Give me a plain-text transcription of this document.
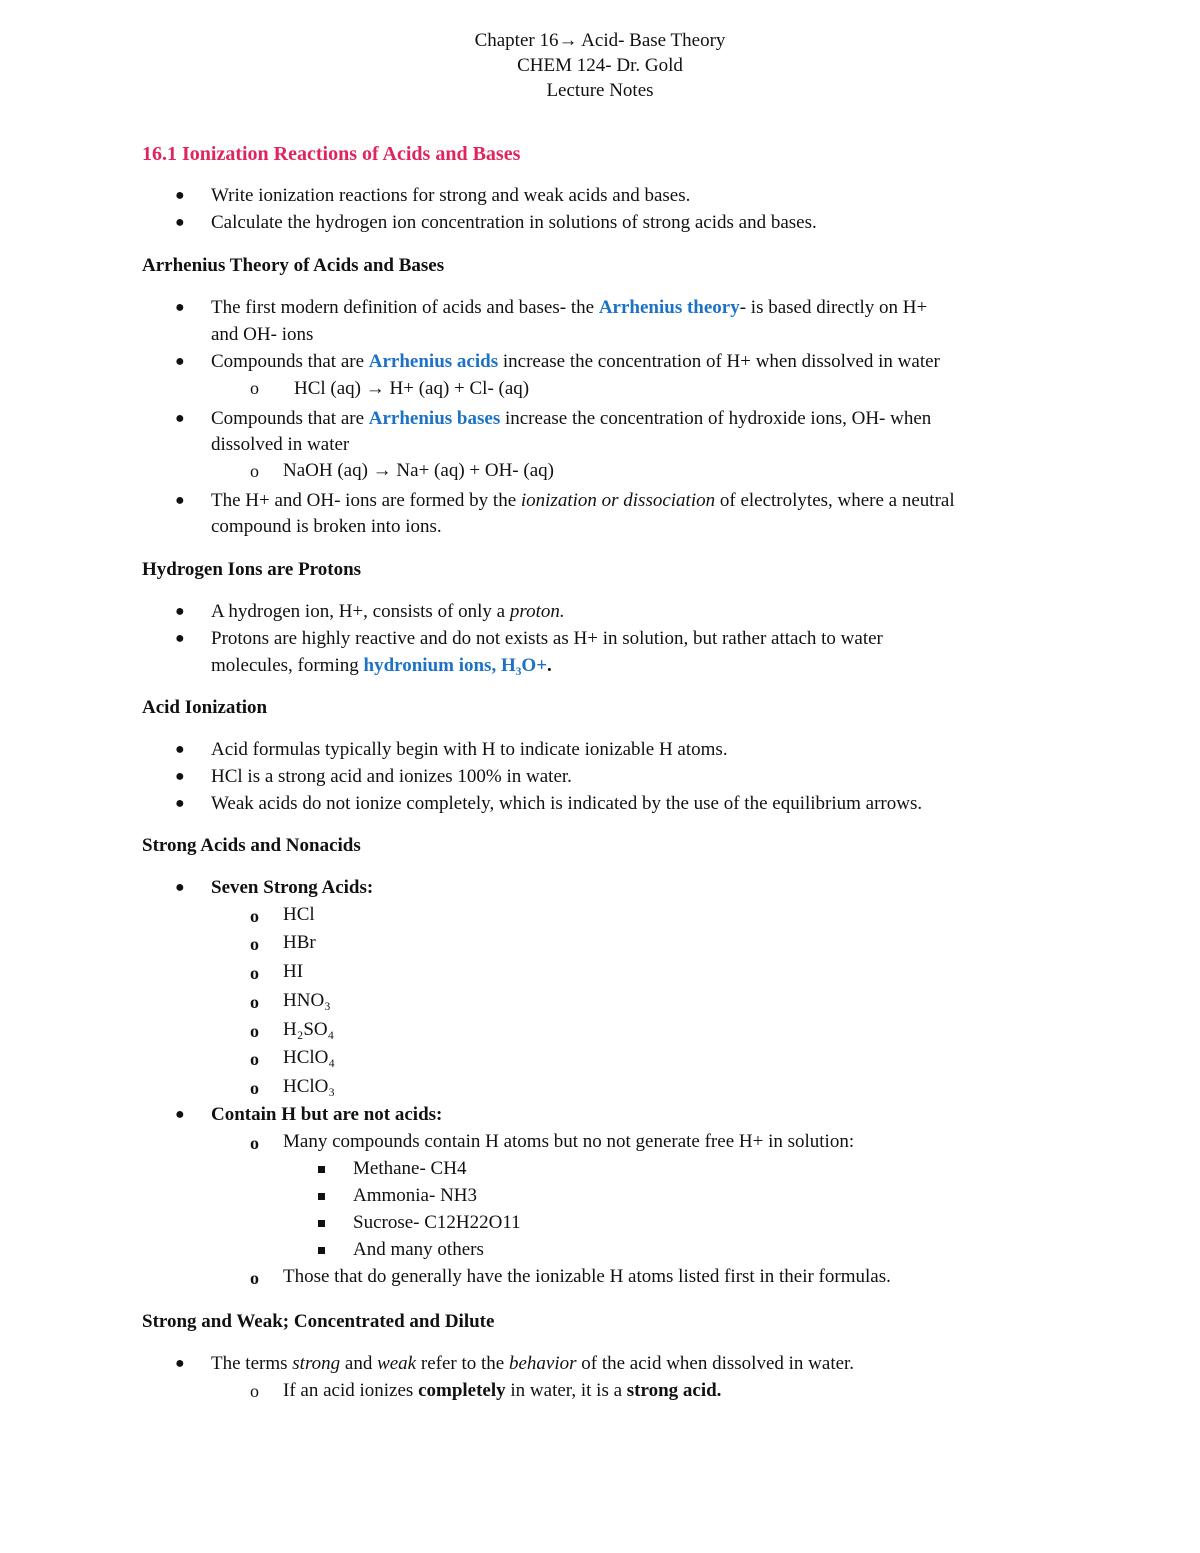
Chapter 16→ Acid- Base Theory
CHEM 124- Dr. Gold
Lecture Notes
16.1 Ionization Reactions of Acids and Bases
● Write ionization reactions for strong and weak acids and bases.
● Calculate the hydrogen ion concentration in solutions of strong acids and bases.
Arrhenius Theory of Acids and Bases
● The first modern definition of acids and bases- the Arrhenius theory- is based directly on H+
and OH- ions
● Compounds that are Arrhenius acids increase the concentration of H+ when dissolved in water
o HCl (aq) → H+ (aq) + Cl- (aq)
● Compounds that are Arrhenius bases increase the concentration of hydroxide ions, OH- when
dissolved in water
o NaOH (aq) → Na+ (aq) + OH- (aq)
● The H+ and OH- ions are formed by the ionization or dissociation of electrolytes, where a neutral
compound is broken into ions.
Hydrogen Ions are Protons
● A hydrogen ion, H+, consists of only a proton.
● Protons are highly reactive and do not exists as H+ in solution, but rather attach to water
molecules, forming hydronium ions, H₃O+.
Acid Ionization
● Acid formulas typically begin with H to indicate ionizable H atoms.
● HCl is a strong acid and ionizes 100% in water.
● Weak acids do not ionize completely, which is indicated by the use of the equilibrium arrows.
Strong Acids and Nonacids
● Seven Strong Acids:
o HCl
o HBr
o HI
o HNO₃
o H₂SO₄
o HClO₄
o HClO₃
● Contain H but are not acids:
o Many compounds contain H atoms but no not generate free H+ in solution:
Methane- CH4
Ammonia- NH3
Sucrose- C12H22O11
And many others
o Those that do generally have the ionizable H atoms listed first in their formulas.
Strong and Weak; Concentrated and Dilute
● The terms strong and weak refer to the behavior of the acid when dissolved in water.
o If an acid ionizes completely in water, it is a strong acid.
